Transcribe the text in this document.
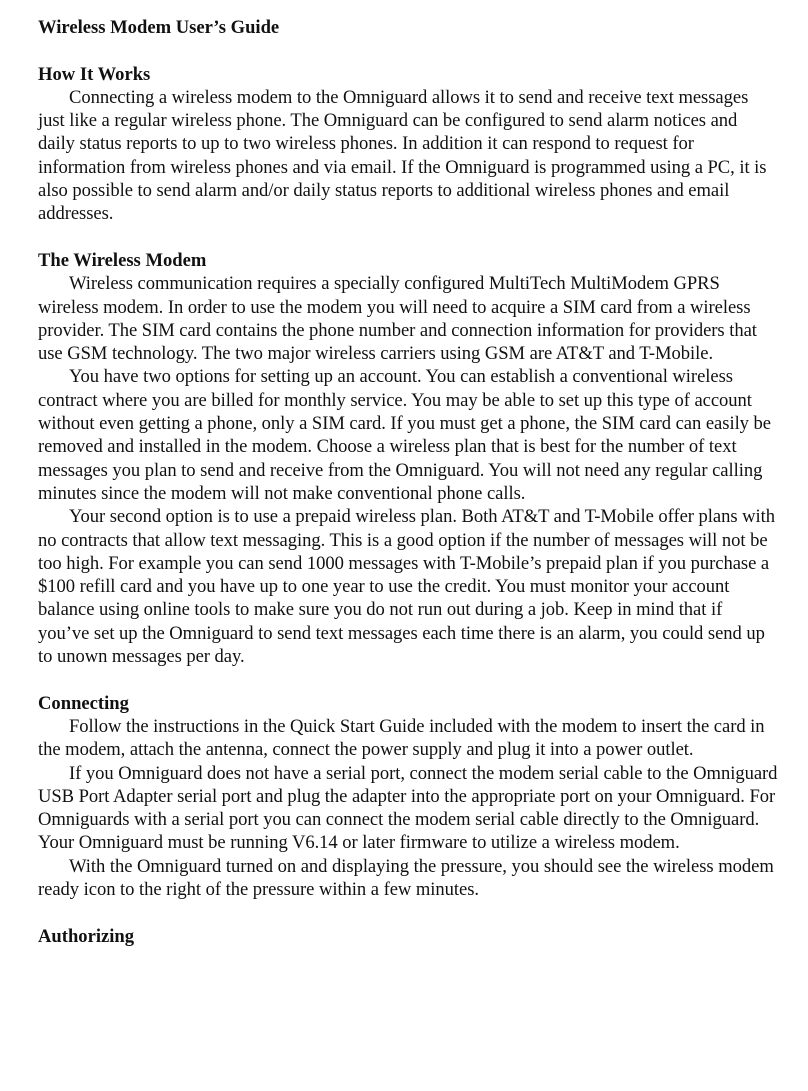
Wireless Modem User’s Guide

How It Works

Connecting a wireless modem to the Omniguard allows it to send and receive text messages just like a regular wireless phone. The Omniguard can be configured to send alarm notices and daily status reports to up to two wireless phones. In addition it can respond to request for information from wireless phones and via email. If the Omniguard is programmed using a PC, it is also possible to send alarm and/or daily status reports to additional wireless phones and email addresses.

The Wireless Modem

Wireless communication requires a specially configured MultiTech MultiModem GPRS wireless modem. In order to use the modem you will need to acquire a SIM card from a wireless provider. The SIM card contains the phone number and connection information for providers that use GSM technology. The two major wireless carriers using GSM are AT&T and T-Mobile.

You have two options for setting up an account. You can establish a conventional wireless contract where you are billed for monthly service. You may be able to set up this type of account without even getting a phone, only a SIM card. If you must get a phone, the SIM card can easily be removed and installed in the modem. Choose a wireless plan that is best for the number of text messages you plan to send and receive from the Omniguard. You will not need any regular calling minutes since the modem will not make conventional phone calls.

Your second option is to use a prepaid wireless plan. Both AT&T and T-Mobile offer plans with no contracts that allow text messaging. This is a good option if the number of messages will not be too high. For example you can send 1000 messages with T-Mobile’s prepaid plan if you purchase a $100 refill card and you have up to one year to use the credit. You must monitor your account balance using online tools to make sure you do not run out during a job. Keep in mind that if you’ve set up the Omniguard to send text messages each time there is an alarm, you could send up to unown messages per day.

Connecting

Follow the instructions in the Quick Start Guide included with the modem to insert the card in the modem, attach the antenna, connect the power supply and plug it into a power outlet.

If you Omniguard does not have a serial port, connect the modem serial cable to the Omniguard USB Port Adapter serial port and plug the adapter into the appropriate port on your Omniguard. For Omniguards with a serial port you can connect the modem serial cable directly to the Omniguard. Your Omniguard must be running V6.14 or later firmware to utilize a wireless modem.

With the Omniguard turned on and displaying the pressure, you should see the wireless modem ready icon to the right of the pressure within a few minutes.

Authorizing
